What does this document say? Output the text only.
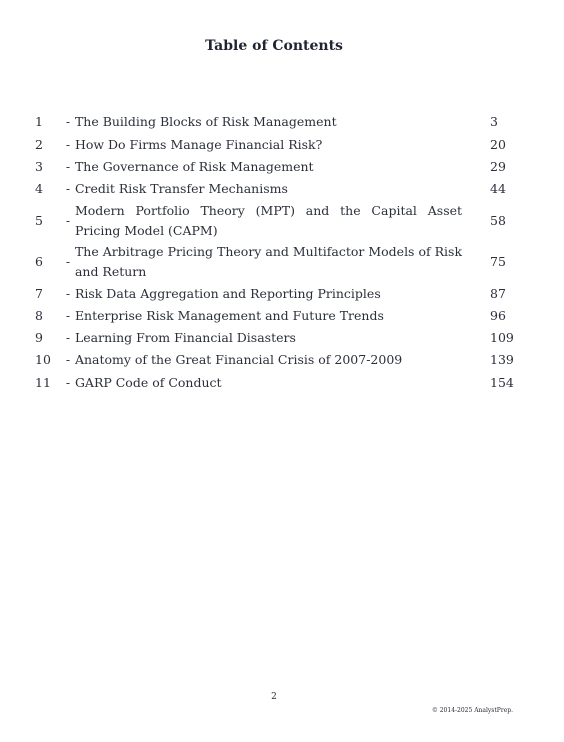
Table of Contents
1	-	The Building Blocks of Risk Management	3
2	-	How Do Firms Manage Financial Risk?	20
3	-	The Governance of Risk Management	29
4	-	Credit Risk Transfer Mechanisms	44
5	-	Modern Portfolio Theory (MPT) and the Capital Asset Pricing Model (CAPM)	58
6	-	The Arbitrage Pricing Theory and Multifactor Models of Risk and Return	75
7	-	Risk Data Aggregation and Reporting Principles	87
8	-	Enterprise Risk Management and Future Trends	96
9	-	Learning From Financial Disasters	109
10	-	Anatomy of the Great Financial Crisis of 2007-2009	139
11	-	GARP Code of Conduct	154
2
© 2014-2025 AnalystPrep.
